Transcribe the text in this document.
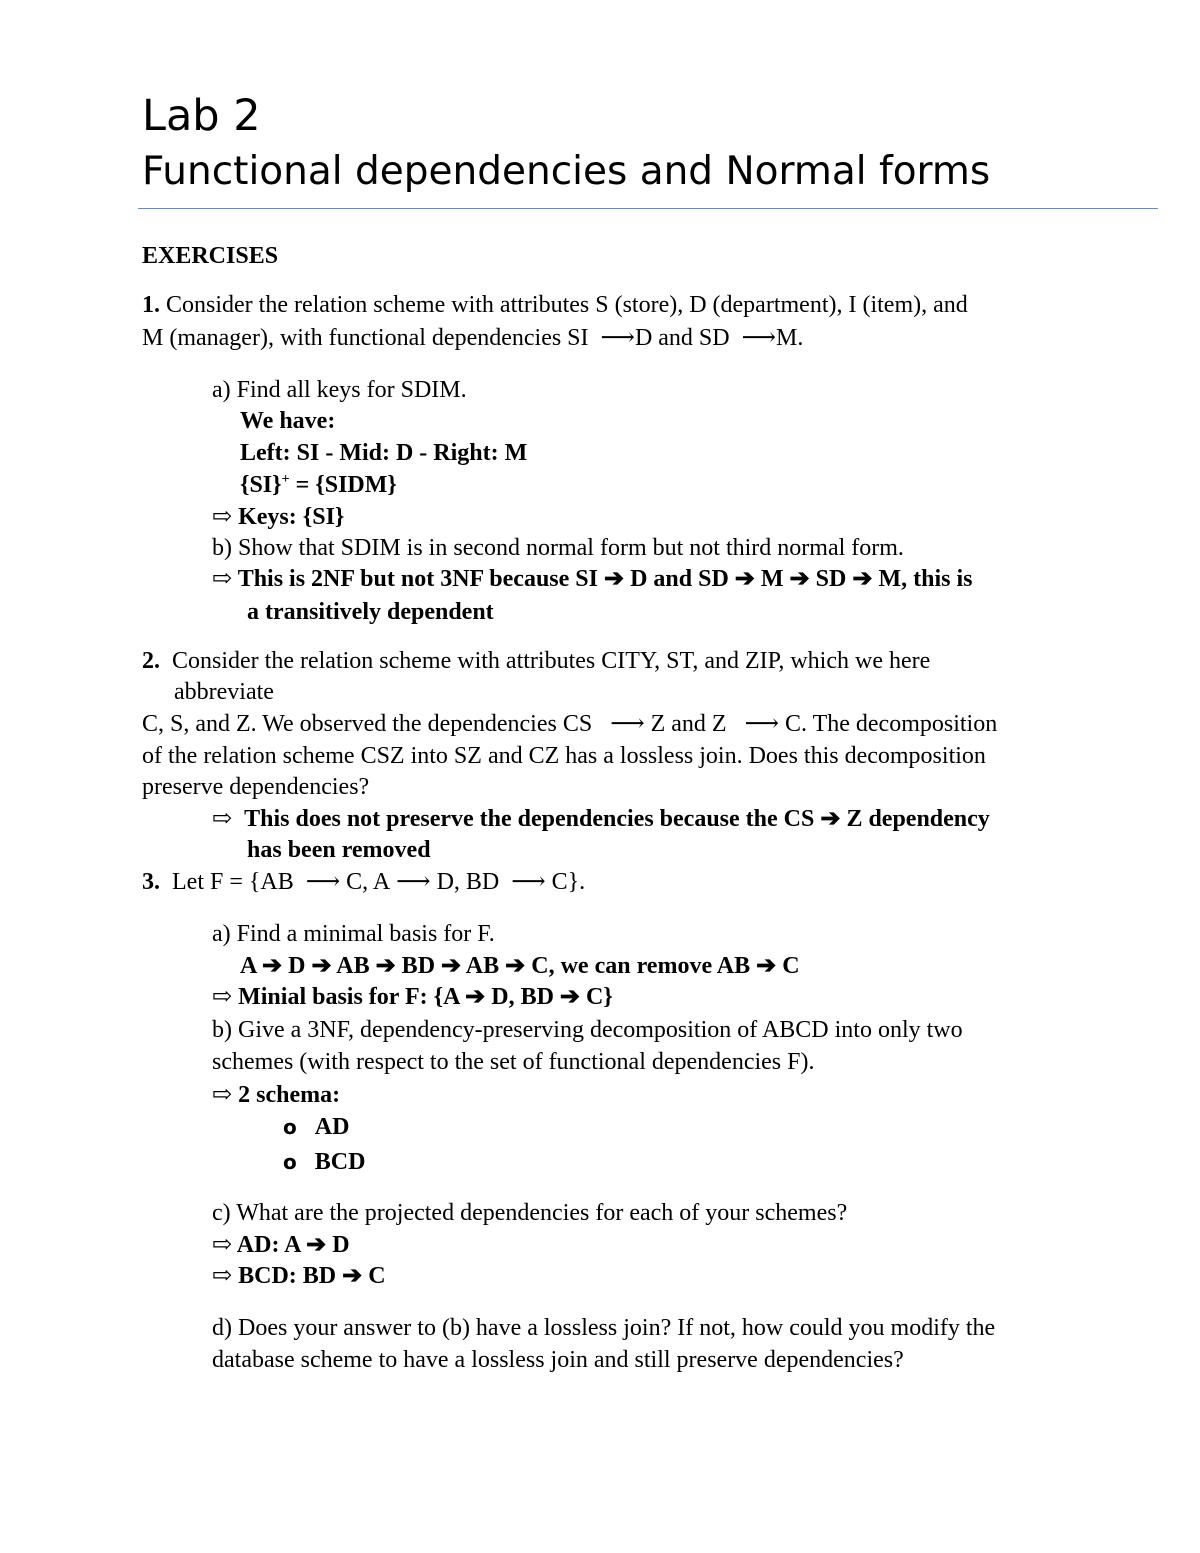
Lab 2
Functional dependencies and Normal forms
EXERCISES
1. Consider the relation scheme with attributes S (store), D (department), I (item), and
M (manager), with functional dependencies SI ⟶D and SD ⟶M.
a) Find all keys for SDIM.
We have:
Left: SI - Mid: D - Right: M
{SI}+ = {SIDM}
⇨ Keys: {SI}
b) Show that SDIM is in second normal form but not third normal form.
⇨ This is 2NF but not 3NF because SI ➔ D and SD ➔ M ➔ SD ➔ M, this is
a transitively dependent
2. Consider the relation scheme with attributes CITY, ST, and ZIP, which we here
abbreviate
C, S, and Z. We observed the dependencies CS ⟶ Z and Z ⟶ C. The decomposition
of the relation scheme CSZ into SZ and CZ has a lossless join. Does this decomposition
preserve dependencies?
⇨ This does not preserve the dependencies because the CS ➔ Z dependency
has been removed
3. Let F = {AB ⟶ C, A ⟶ D, BD ⟶ C}.
a) Find a minimal basis for F.
A ➔ D ➔ AB ➔ BD ➔ AB ➔ C, we can remove AB ➔ C
⇨ Minial basis for F: {A ➔ D, BD ➔ C}
b) Give a 3NF, dependency-preserving decomposition of ABCD into only two
schemes (with respect to the set of functional dependencies F).
⇨ 2 schema:
o AD
o BCD
c) What are the projected dependencies for each of your schemes?
⇨ AD: A ➔ D
⇨ BCD: BD ➔ C
d) Does your answer to (b) have a lossless join? If not, how could you modify the
database scheme to have a lossless join and still preserve dependencies?
